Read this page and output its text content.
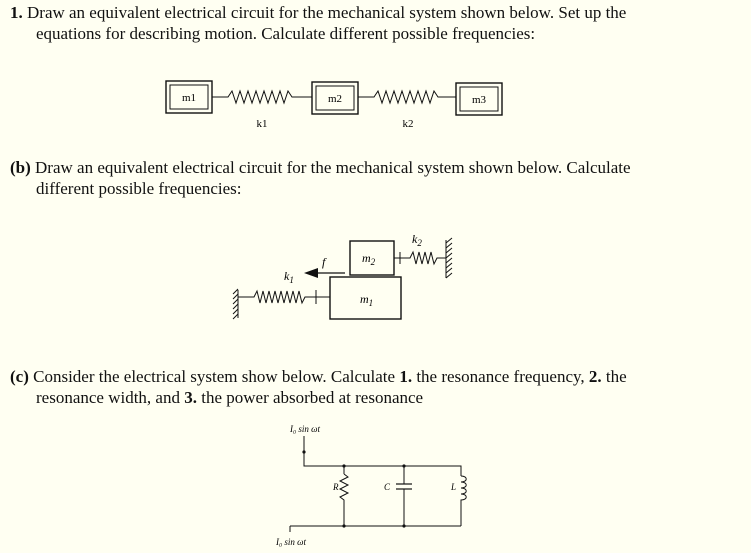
1. Draw an equivalent electrical circuit for the mechanical system shown below. Set up the
equations for describing motion. Calculate different possible frequencies:
(b) Draw an equivalent electrical circuit for the mechanical system shown below. Calculate
different possible frequencies:
(c) Consider the electrical system show below. Calculate 1. the resonance frequency, 2. the
resonance width, and 3. the power absorbed at resonance
m1
k1
m2
k2
m3
$k_1$
$m_1$
f	$m_2$
$k_2$
I₀ sin ωt
I₀ sin ωt
R	C	L
